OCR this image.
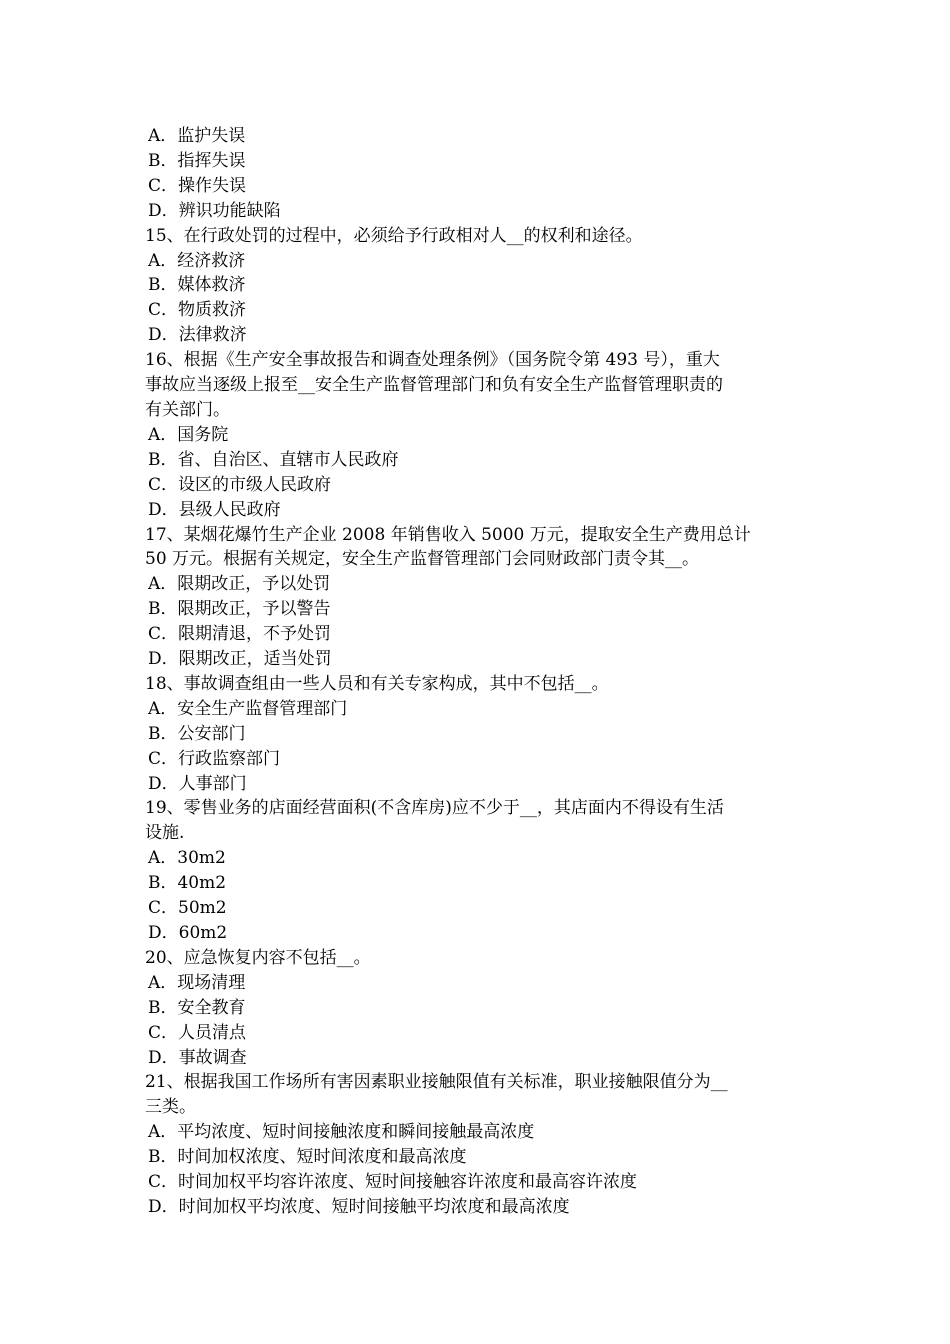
A．监护失误

B．指挥失误

C．操作失误

D．辨识功能缺陷

15、在行政处罚的过程中，必须给予行政相对人__的权利和途径。

A．经济救济

B．媒体救济

C．物质救济

D．法律救济

16、根据《生产安全事故报告和调查处理条例》（国务院令第 493 号），重大

事故应当逐级上报至__安全生产监督管理部门和负有安全生产监督管理职责的

有关部门。

A．国务院

B．省、自治区、直辖市人民政府

C．设区的市级人民政府

D．县级人民政府

17、某烟花爆竹生产企业 2008 年销售收入 5000 万元，提取安全生产费用总计

50 万元。根据有关规定，安全生产监督管理部门会同财政部门责令其__。

A．限期改正，予以处罚

B．限期改正，予以警告

C．限期清退，不予处罚

D．限期改正，适当处罚

18、事故调查组由一些人员和有关专家构成，其中不包括__。

A．安全生产监督管理部门

B．公安部门

C．行政监察部门

D．人事部门

19、零售业务的店面经营面积(不含库房)应不少于__，其店面内不得设有生活

设施.

A．30m2

B．40m2

C．50m2

D．60m2

20、应急恢复内容不包括__。

A．现场清理

B．安全教育

C．人员清点

D．事故调查

21、根据我国工作场所有害因素职业接触限值有关标准，职业接触限值分为__

三类。

A．平均浓度、短时间接触浓度和瞬间接触最高浓度

B．时间加权浓度、短时间浓度和最高浓度

C．时间加权平均容许浓度、短时间接触容许浓度和最高容许浓度

D．时间加权平均浓度、短时间接触平均浓度和最高浓度
